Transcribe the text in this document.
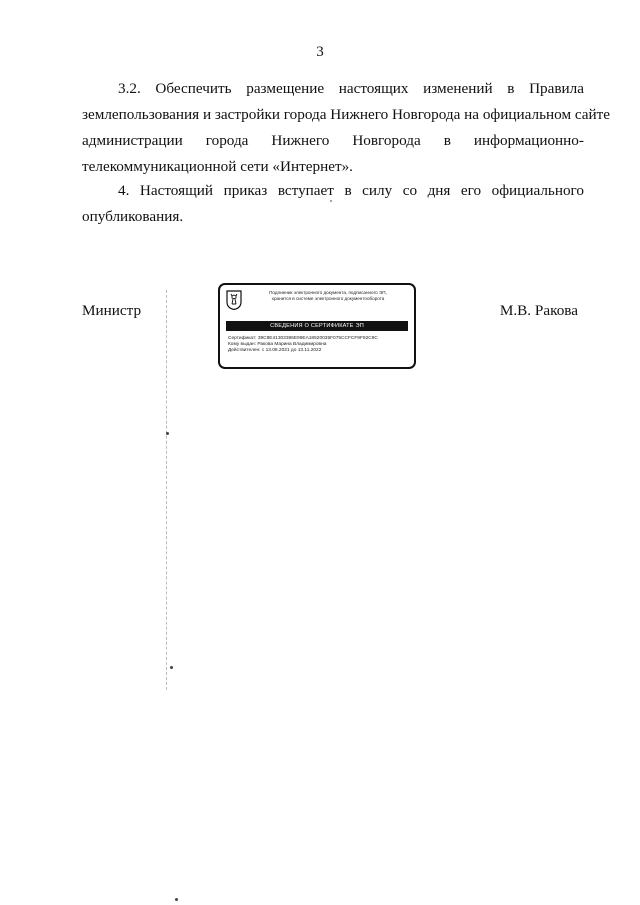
3
3.2. Обеспечить размещение настоящих изменений в Правила
землепользования и застройки города Нижнего Новгорода на официальном сайте
администрации города Нижнего Новгорода в информационно-
телекоммуникационной сети «Интернет».
4. Настоящий приказ вступает в силу со дня его официального
опубликования.
Министр	М.В. Ракова
Подлинник электронного документа, подписанного ЭП,
хранится в системе электронного документооборота
СВЕДЕНИЯ О СЕРТИФИКАТЕ ЭП
Сертификат: 39C8E41303386E99EA18520035F075CCFCF9F92C9C
Кому выдан: Ракова Марина Владимировна
Действителен: с 13.08.2021 до 13.11.2022
